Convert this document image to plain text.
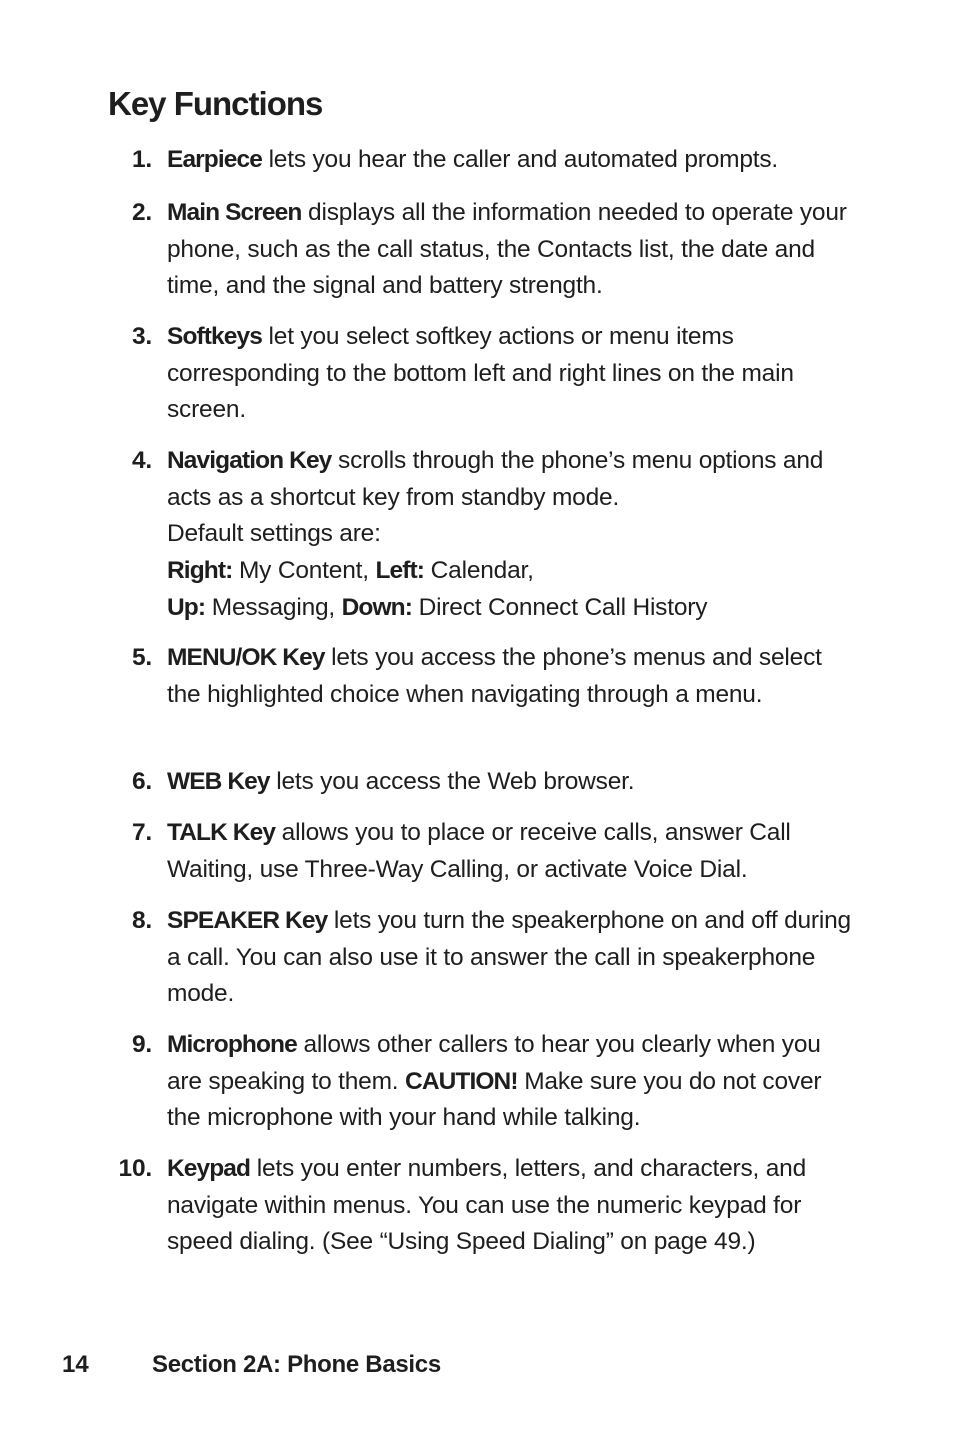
Key Functions
1. Earpiece lets you hear the caller and automated prompts.
2. Main Screen displays all the information needed to operate your phone, such as the call status, the Contacts list, the date and time, and the signal and battery strength.
3. Softkeys let you select softkey actions or menu items corresponding to the bottom left and right lines on the main screen.
4. Navigation Key scrolls through the phone’s menu options and acts as a shortcut key from standby mode.
Default settings are:
Right: My Content, Left: Calendar,
Up: Messaging, Down: Direct Connect Call History
5. MENU/OK Key lets you access the phone’s menus and select the highlighted choice when navigating through a menu.
6. WEB Key lets you access the Web browser.
7. TALK Key allows you to place or receive calls, answer Call Waiting, use Three-Way Calling, or activate Voice Dial.
8. SPEAKER Key lets you turn the speakerphone on and off during a call. You can also use it to answer the call in speakerphone mode.
9. Microphone allows other callers to hear you clearly when you are speaking to them. CAUTION! Make sure you do not cover the microphone with your hand while talking.
10. Keypad lets you enter numbers, letters, and characters, and navigate within menus. You can use the numeric keypad for speed dialing. (See “Using Speed Dialing” on page 49.)
14	Section 2A: Phone Basics
